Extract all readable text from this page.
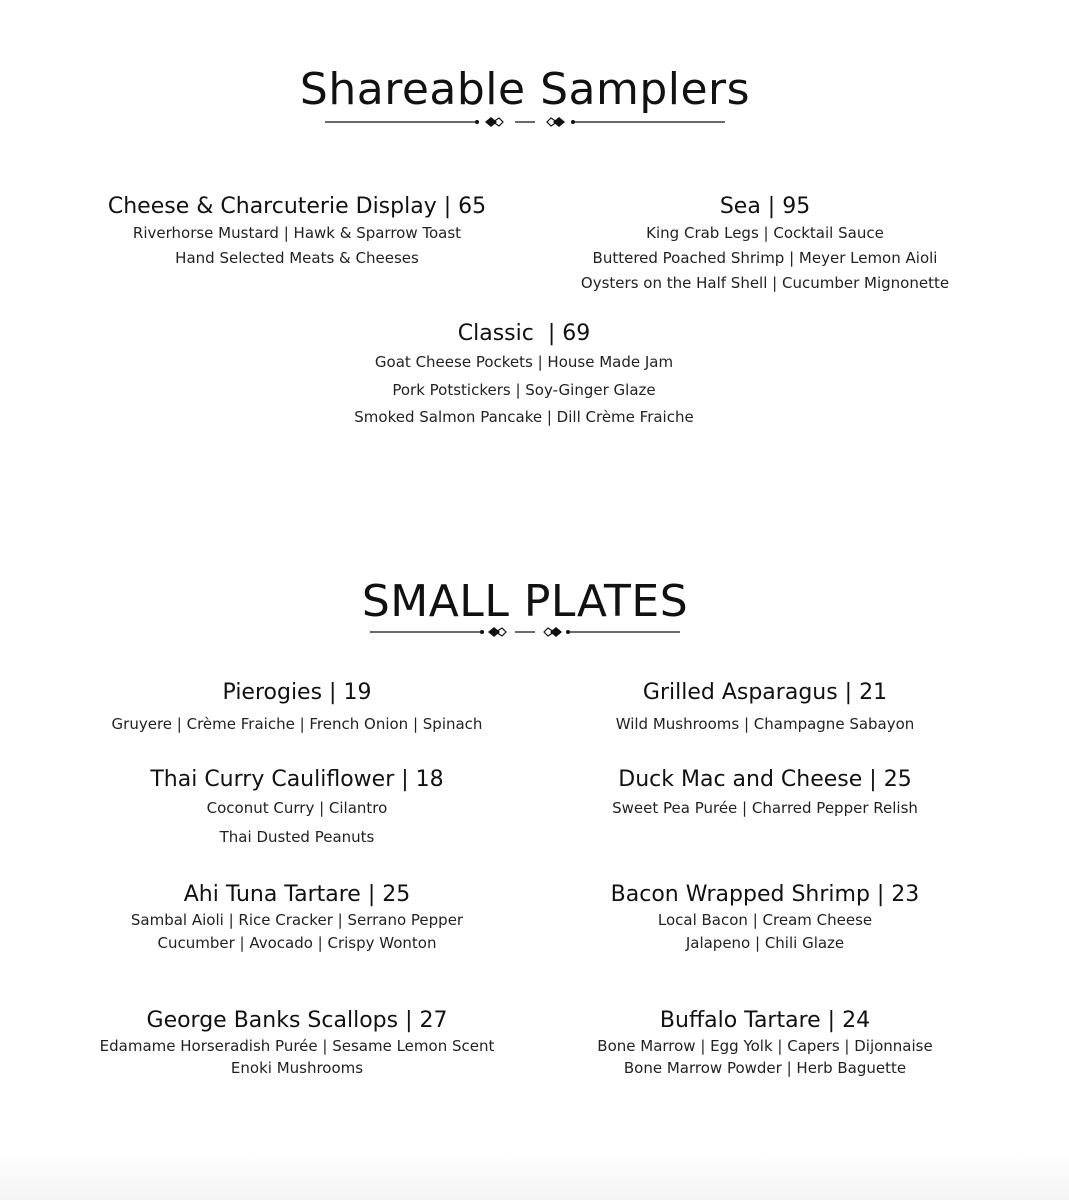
Shareable Samplers
Cheese & Charcuterie Display | 65
Riverhorse Mustard | Hawk & Sparrow Toast
Hand Selected Meats & Cheeses
Sea | 95
King Crab Legs | Cocktail Sauce
Buttered Poached Shrimp | Meyer Lemon Aioli
Oysters on the Half Shell | Cucumber Mignonette
Classic  | 69
Goat Cheese Pockets | House Made Jam
Pork Potstickers | Soy-Ginger Glaze
Smoked Salmon Pancake | Dill Crème Fraiche
SMALL PLATES
Pierogies | 19
Gruyere | Crème Fraiche | French Onion | Spinach
Grilled Asparagus | 21
Wild Mushrooms | Champagne Sabayon
Thai Curry Cauliflower | 18
Coconut Curry | Cilantro
Thai Dusted Peanuts
Duck Mac and Cheese | 25
Sweet Pea Purée | Charred Pepper Relish
Ahi Tuna Tartare | 25
Sambal Aioli | Rice Cracker | Serrano Pepper
Cucumber | Avocado | Crispy Wonton
Bacon Wrapped Shrimp | 23
Local Bacon | Cream Cheese
Jalapeno | Chili Glaze
George Banks Scallops | 27
Edamame Horseradish Purée | Sesame Lemon Scent
Enoki Mushrooms
Buffalo Tartare | 24
Bone Marrow | Egg Yolk | Capers | Dijonnaise
Bone Marrow Powder | Herb Baguette
